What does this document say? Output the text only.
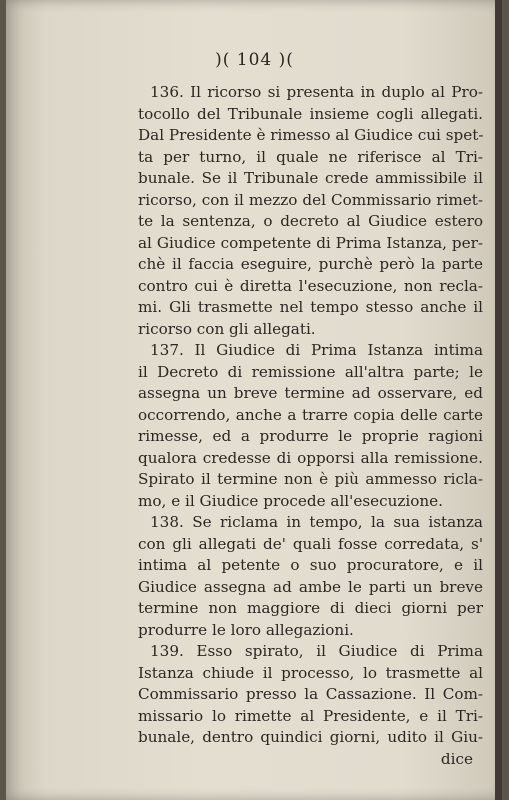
)( 104 )(
136. Il ricorso si presenta in duplo al Pro-
tocollo del Tribunale insieme cogli allegati.
Dal Presidente è rimesso al Giudice cui spet-
ta per turno, il quale ne riferisce al Tri-
bunale. Se il Tribunale crede ammissibile il
ricorso, con il mezzo del Commissario rimet-
te la sentenza, o decreto al Giudice estero
al Giudice competente di Prima Istanza, per-
chè il faccia eseguire, purchè però la parte
contro cui è diretta l'esecuzione, non recla-
mi. Gli trasmette nel tempo stesso anche il
ricorso con gli allegati.
137. Il Giudice di Prima Istanza intima
il Decreto di remissione all'altra parte; le
assegna un breve termine ad osservare, ed
occorrendo, anche a trarre copia delle carte
rimesse, ed a produrre le proprie ragioni
qualora credesse di opporsi alla remissione.
Spirato il termine non è più ammesso ricla-
mo, e il Giudice procede all'esecuzione.
138. Se riclama in tempo, la sua istanza
con gli allegati de' quali fosse corredata, s'
intima al petente o suo procuratore, e il
Giudice assegna ad ambe le parti un breve
termine non maggiore di dieci giorni per
produrre le loro allegazioni.
139. Esso spirato, il Giudice di Prima
Istanza chiude il processo, lo trasmette al
Commissario presso la Cassazione. Il Com-
missario lo rimette al Presidente, e il Tri-
bunale, dentro quindici giorni, udito il Giu-
dice
